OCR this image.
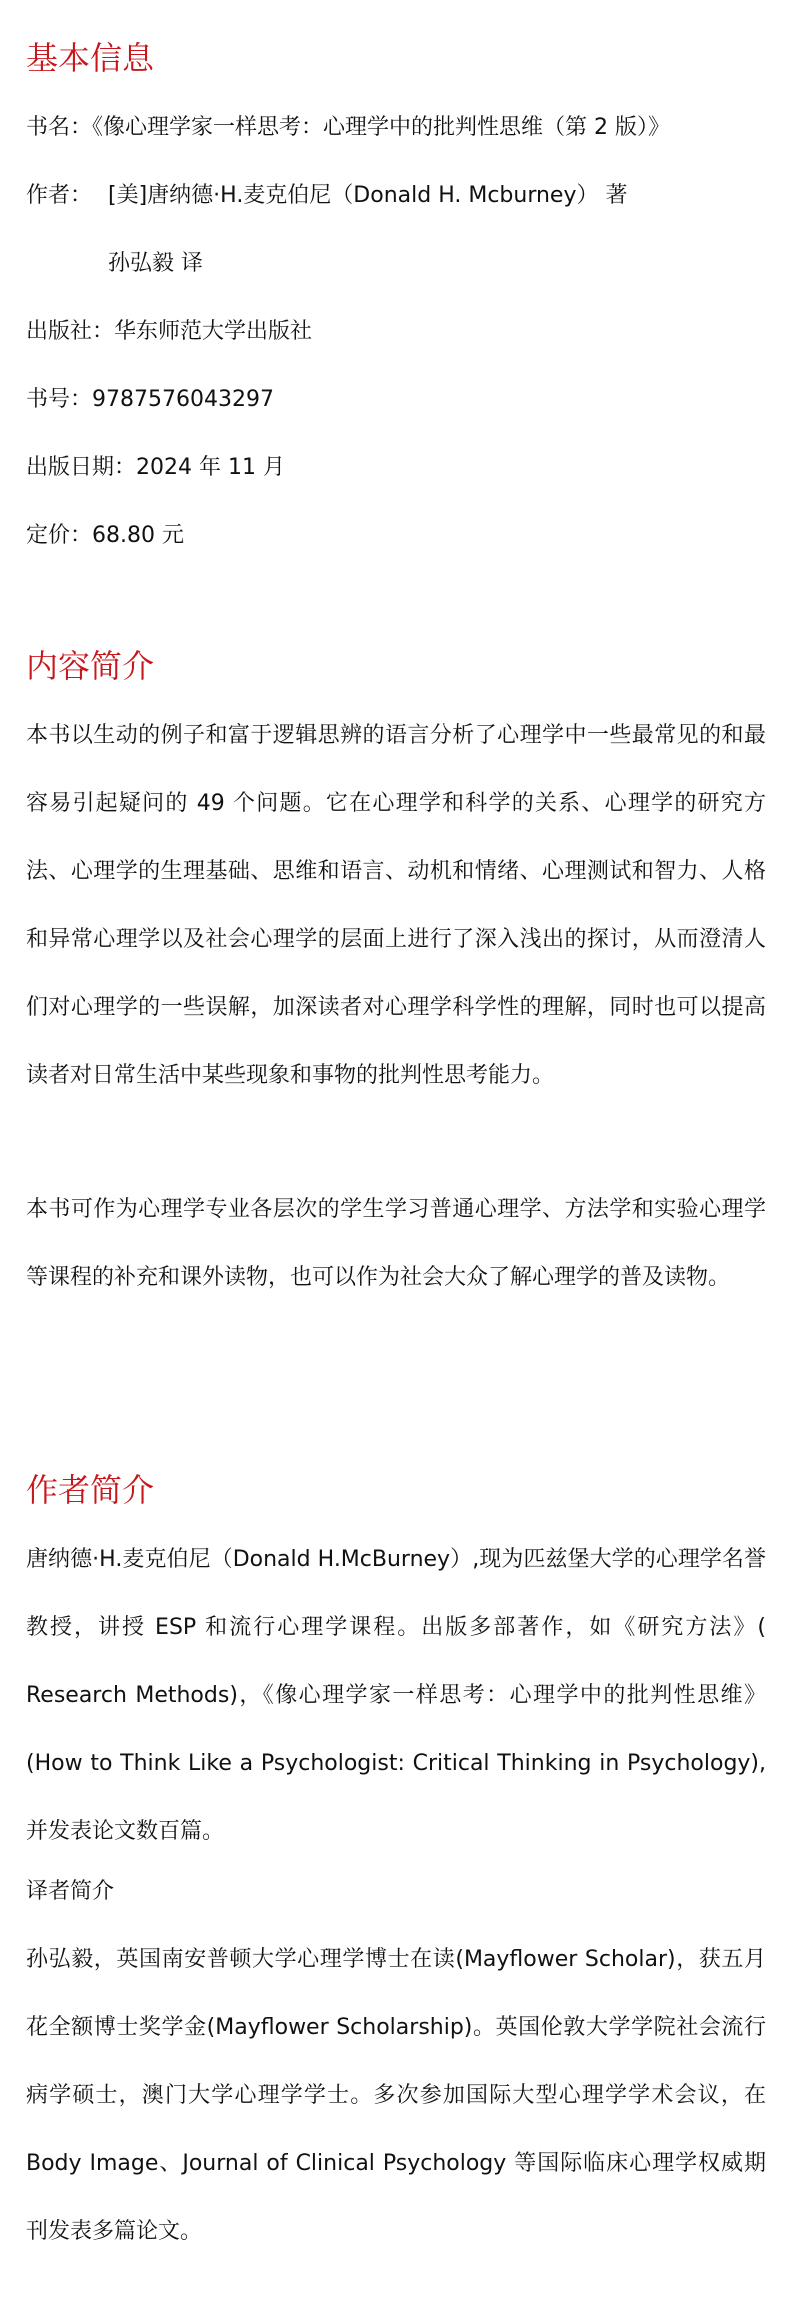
基本信息
书名：《像心理学家一样思考：心理学中的批判性思维（第 2 版）》
作者： [美]唐纳德·H.麦克伯尼（Donald H. Mcburney） 著
孙弘毅 译
出版社：华东师范大学出版社
书号：9787576043297
出版日期：2024 年 11 月
定价：68.80 元
内容简介
本书以生动的例子和富于逻辑思辨的语言分析了心理学中一些最常见的和最容易引起疑问的 49 个问题。它在心理学和科学的关系、心理学的研究方法、心理学的生理基础、思维和语言、动机和情绪、心理测试和智力、人格和异常心理学以及社会心理学的层面上进行了深入浅出的探讨，从而澄清人们对心理学的一些误解，加深读者对心理学科学性的理解，同时也可以提高读者对日常生活中某些现象和事物的批判性思考能力。
本书可作为心理学专业各层次的学生学习普通心理学、方法学和实验心理学等课程的补充和课外读物，也可以作为社会大众了解心理学的普及读物。
作者简介
唐纳德·H.麦克伯尼（Donald H.McBurney）,现为匹兹堡大学的心理学名誉教授，讲授 ESP 和流行心理学课程。出版多部著作，如《研究方法》( Research Methods)，《像心理学家一样思考：心理学中的批判性思维》(How to Think Like a Psychologist: Critical Thinking in Psychology),并发表论文数百篇。
译者简介
孙弘毅，英国南安普顿大学心理学博士在读(Mayflower Scholar)，获五月花全额博士奖学金(Mayflower Scholarship)。英国伦敦大学学院社会流行病学硕士，澳门大学心理学学士。多次参加国际大型心理学学术会议，在 Body Image、Journal of Clinical Psychology 等国际临床心理学权威期刊发表多篇论文。
